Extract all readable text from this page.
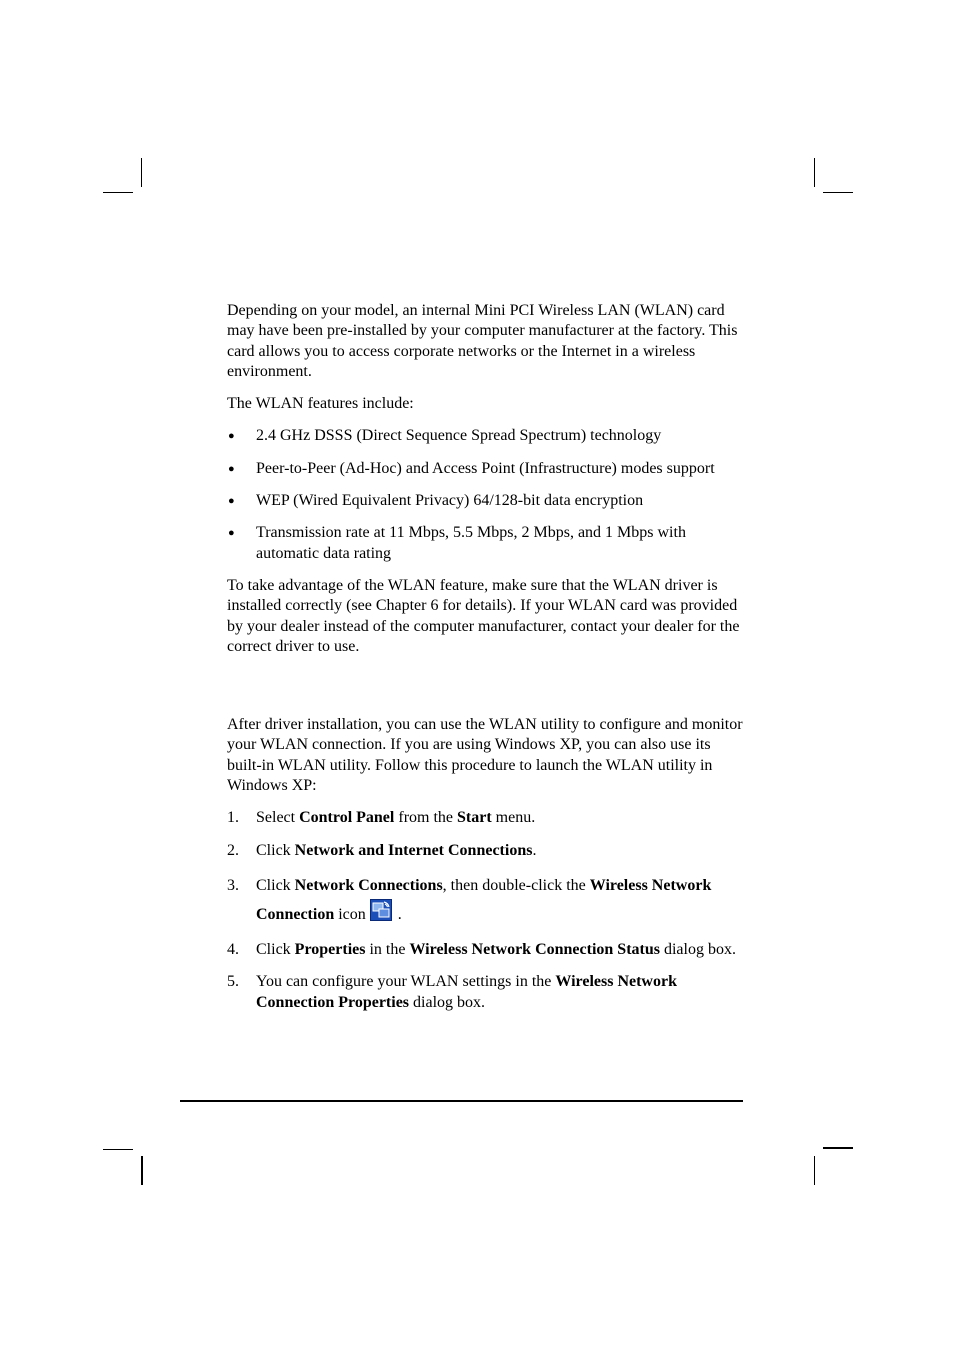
Depending on your model, an internal Mini PCI Wireless LAN (WLAN) card may have been pre-installed by your computer manufacturer at the factory. This card allows you to access corporate networks or the Internet in a wireless environment.

The WLAN features include:

● 2.4 GHz DSSS (Direct Sequence Spread Spectrum) technology
● Peer-to-Peer (Ad-Hoc) and Access Point (Infrastructure) modes support
● WEP (Wired Equivalent Privacy) 64/128-bit data encryption
● Transmission rate at 11 Mbps, 5.5 Mbps, 2 Mbps, and 1 Mbps with automatic data rating

To take advantage of the WLAN feature, make sure that the WLAN driver is installed correctly (see Chapter 6 for details). If your WLAN card was provided by your dealer instead of the computer manufacturer, contact your dealer for the correct driver to use.

After driver installation, you can use the WLAN utility to configure and monitor your WLAN connection. If you are using Windows XP, you can also use its built-in WLAN utility. Follow this procedure to launch the WLAN utility in Windows XP:

1. Select Control Panel from the Start menu.
2. Click Network and Internet Connections.
3. Click Network Connections, then double-click the Wireless Network Connection icon .
4. Click Properties in the Wireless Network Connection Status dialog box.
5. You can configure your WLAN settings in the Wireless Network Connection Properties dialog box.
